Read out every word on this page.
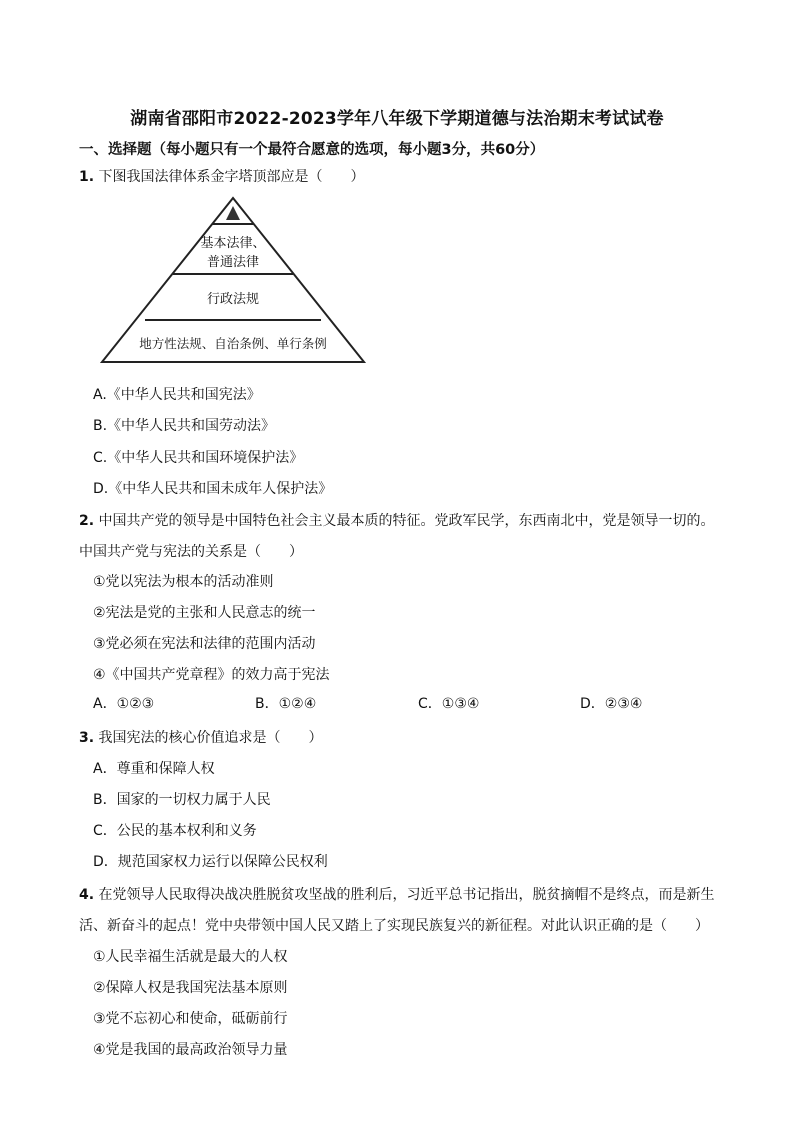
湖南省邵阳市2022-2023学年八年级下学期道德与法治期末考试试卷
一、选择题（每小题只有一个最符合愿意的选项，每小题3分，共60分）
1. 下图我国法律体系金字塔顶部应是（　　）
基本法律、
普通法律
行政法规
地方性法规、自治条例、单行条例
A.《中华人民共和国宪法》
B.《中华人民共和国劳动法》
C.《中华人民共和国环境保护法》
D.《中华人民共和国未成年人保护法》
2. 中国共产党的领导是中国特色社会主义最本质的特征。党政军民学，东西南北中，党是领导一切的。
中国共产党与宪法的关系是（　　）
①党以宪法为根本的活动准则
②宪法是党的主张和人民意志的统一
③党必须在宪法和法律的范围内活动
④《中国共产党章程》的效力高于宪法
A．①②③	B．①②④	C．①③④	D．②③④
3. 我国宪法的核心价值追求是（　　）
A．尊重和保障人权
B．国家的一切权力属于人民
C．公民的基本权利和义务
D．规范国家权力运行以保障公民权利
4. 在党领导人民取得决战决胜脱贫攻坚战的胜利后，习近平总书记指出，脱贫摘帽不是终点，而是新生
活、新奋斗的起点！党中央带领中国人民又踏上了实现民族复兴的新征程。对此认识正确的是（　　）
①人民幸福生活就是最大的人权
②保障人权是我国宪法基本原则
③党不忘初心和使命，砥砺前行
④党是我国的最高政治领导力量
